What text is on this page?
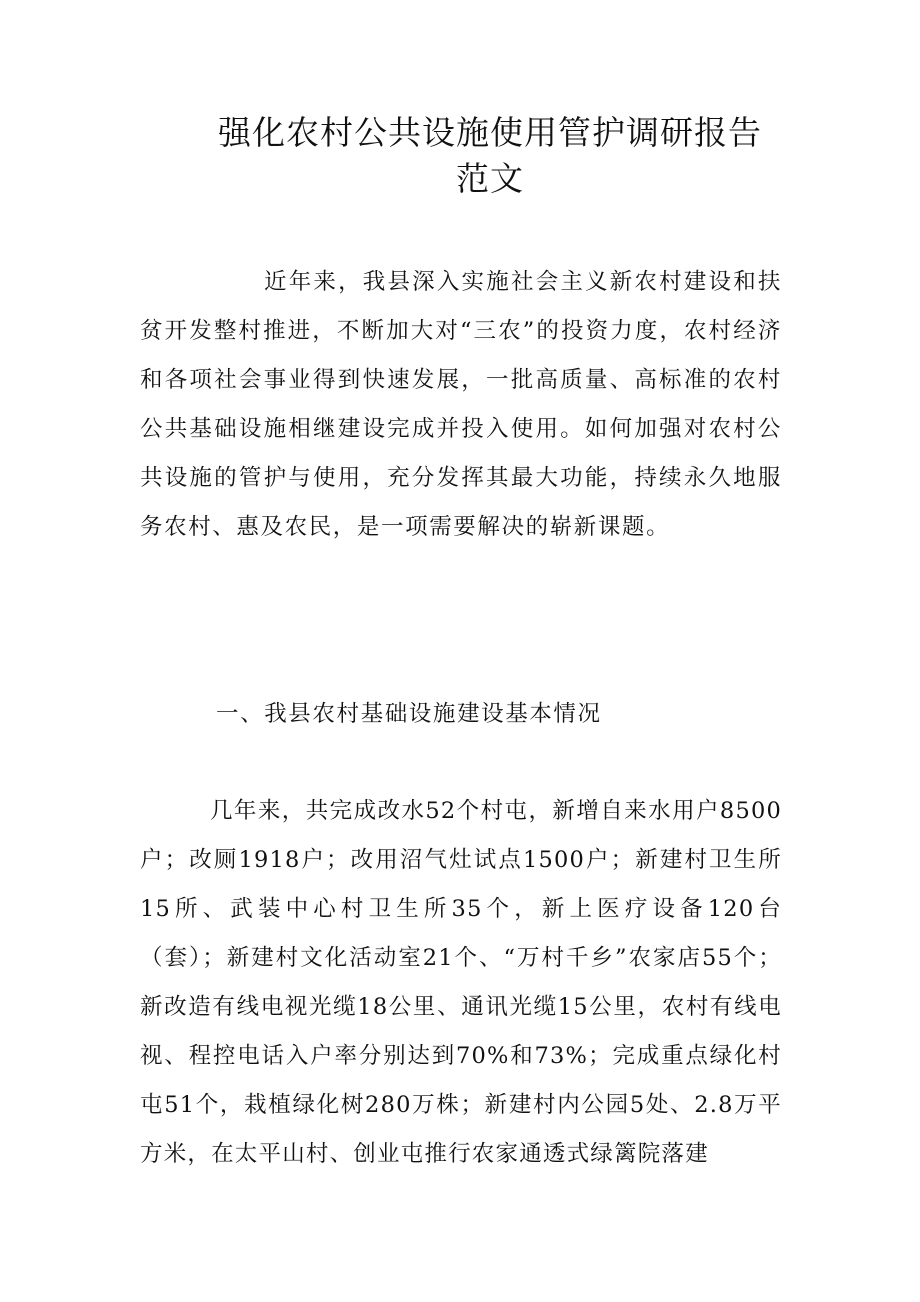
强化农村公共设施使用管护调研报告
范文

近年来，我县深入实施社会主义新农村建设和扶贫开发整村推进，不断加大对“三农”的投资力度，农村经济和各项社会事业得到快速发展，一批高质量、高标准的农村公共基础设施相继建设完成并投入使用。如何加强对农村公共设施的管护与使用，充分发挥其最大功能，持续永久地服务农村、惠及农民，是一项需要解决的崭新课题。

一、我县农村基础设施建设基本情况

几年来，共完成改水52个村屯，新增自来水用户8500户；改厕1918户；改用沼气灶试点1500户；新建村卫生所15所、武装中心村卫生所35个，新上医疗设备120台（套）；新建村文化活动室21个、“万村千乡”农家店55个；新改造有线电视光缆18公里、通讯光缆15公里，农村有线电视、程控电话入户率分别达到70%和73%；完成重点绿化村屯51个，栽植绿化树280万株；新建村内公园5处、2.8万平方米，在太平山村、创业屯推行农家通透式绿篱院落建
